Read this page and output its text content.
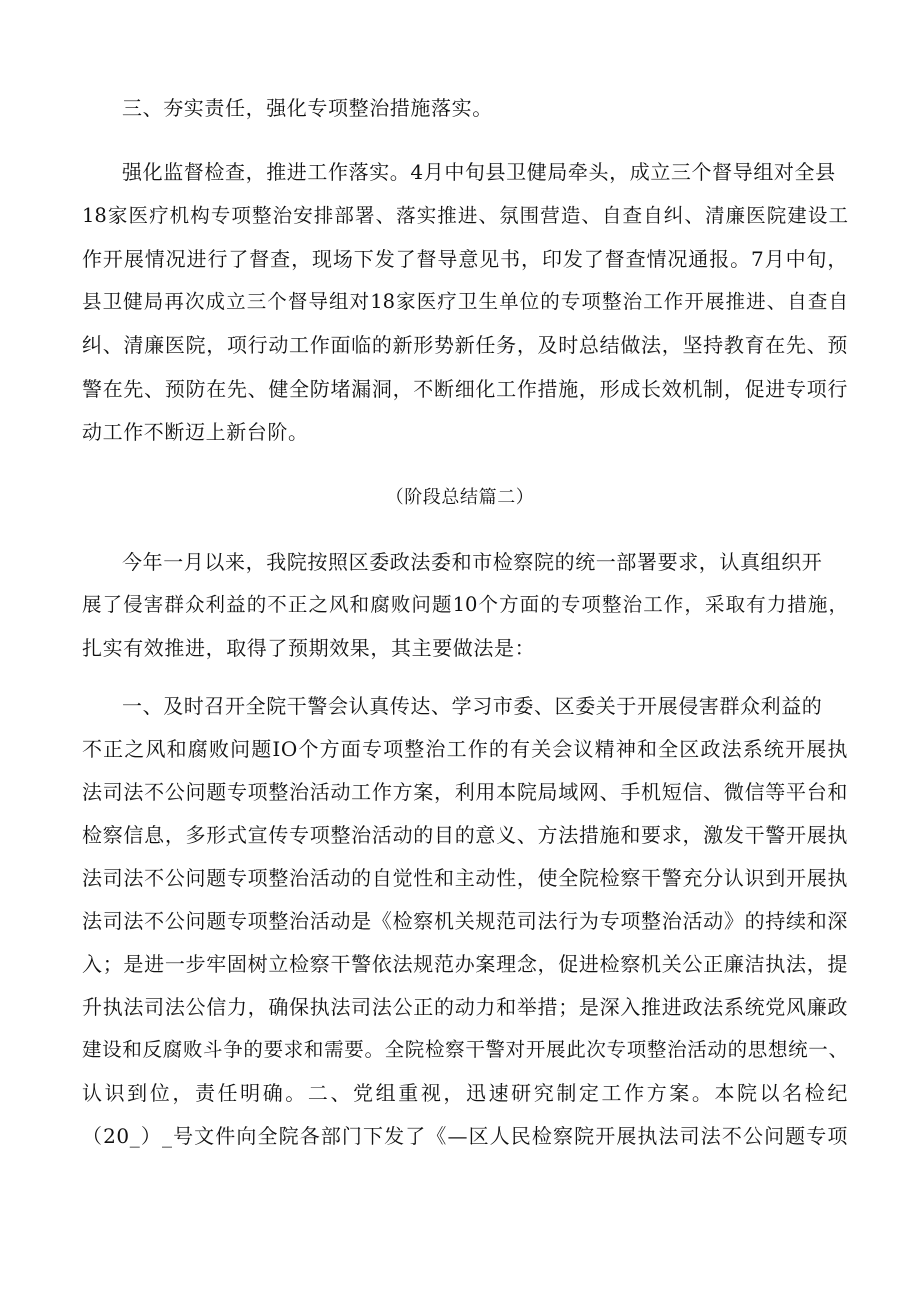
三、夯实责任，强化专项整治措施落实。
强化监督检查，推进工作落实。4月中旬县卫健局牵头，成立三个督导组对全县
18家医疗机构专项整治安排部署、落实推进、氛围营造、自查自纠、清廉医院建设工
作开展情况进行了督查，现场下发了督导意见书，印发了督查情况通报。7月中旬，
县卫健局再次成立三个督导组对18家医疗卫生单位的专项整治工作开展推进、自查自
纠、清廉医院，项行动工作面临的新形势新任务，及时总结做法，坚持教育在先、预
警在先、预防在先、健全防堵漏洞，不断细化工作措施，形成长效机制，促进专项行
动工作不断迈上新台阶。
（阶段总结篇二）
今年一月以来，我院按照区委政法委和市检察院的统一部署要求，认真组织开
展了侵害群众利益的不正之风和腐败问题10个方面的专项整治工作，采取有力措施，
扎实有效推进，取得了预期效果，其主要做法是：
一、及时召开全院干警会认真传达、学习市委、区委关于开展侵害群众利益的
不正之风和腐败问题IO个方面专项整治工作的有关会议精神和全区政法系统开展执
法司法不公问题专项整治活动工作方案，利用本院局域网、手机短信、微信等平台和
检察信息，多形式宣传专项整治活动的目的意义、方法措施和要求，激发干警开展执
法司法不公问题专项整治活动的自觉性和主动性，使全院检察干警充分认识到开展执
法司法不公问题专项整治活动是《检察机关规范司法行为专项整治活动》的持续和深
入；是进一步牢固树立检察干警依法规范办案理念，促进检察机关公正廉洁执法，提
升执法司法公信力，确保执法司法公正的动力和举措；是深入推进政法系统党风廉政
建设和反腐败斗争的要求和需要。全院检察干警对开展此次专项整治活动的思想统一、
认识到位，责任明确。二、党组重视，迅速研究制定工作方案。本院以名检纪
（20_）_号文件向全院各部门下发了《—区人民检察院开展执法司法不公问题专项
